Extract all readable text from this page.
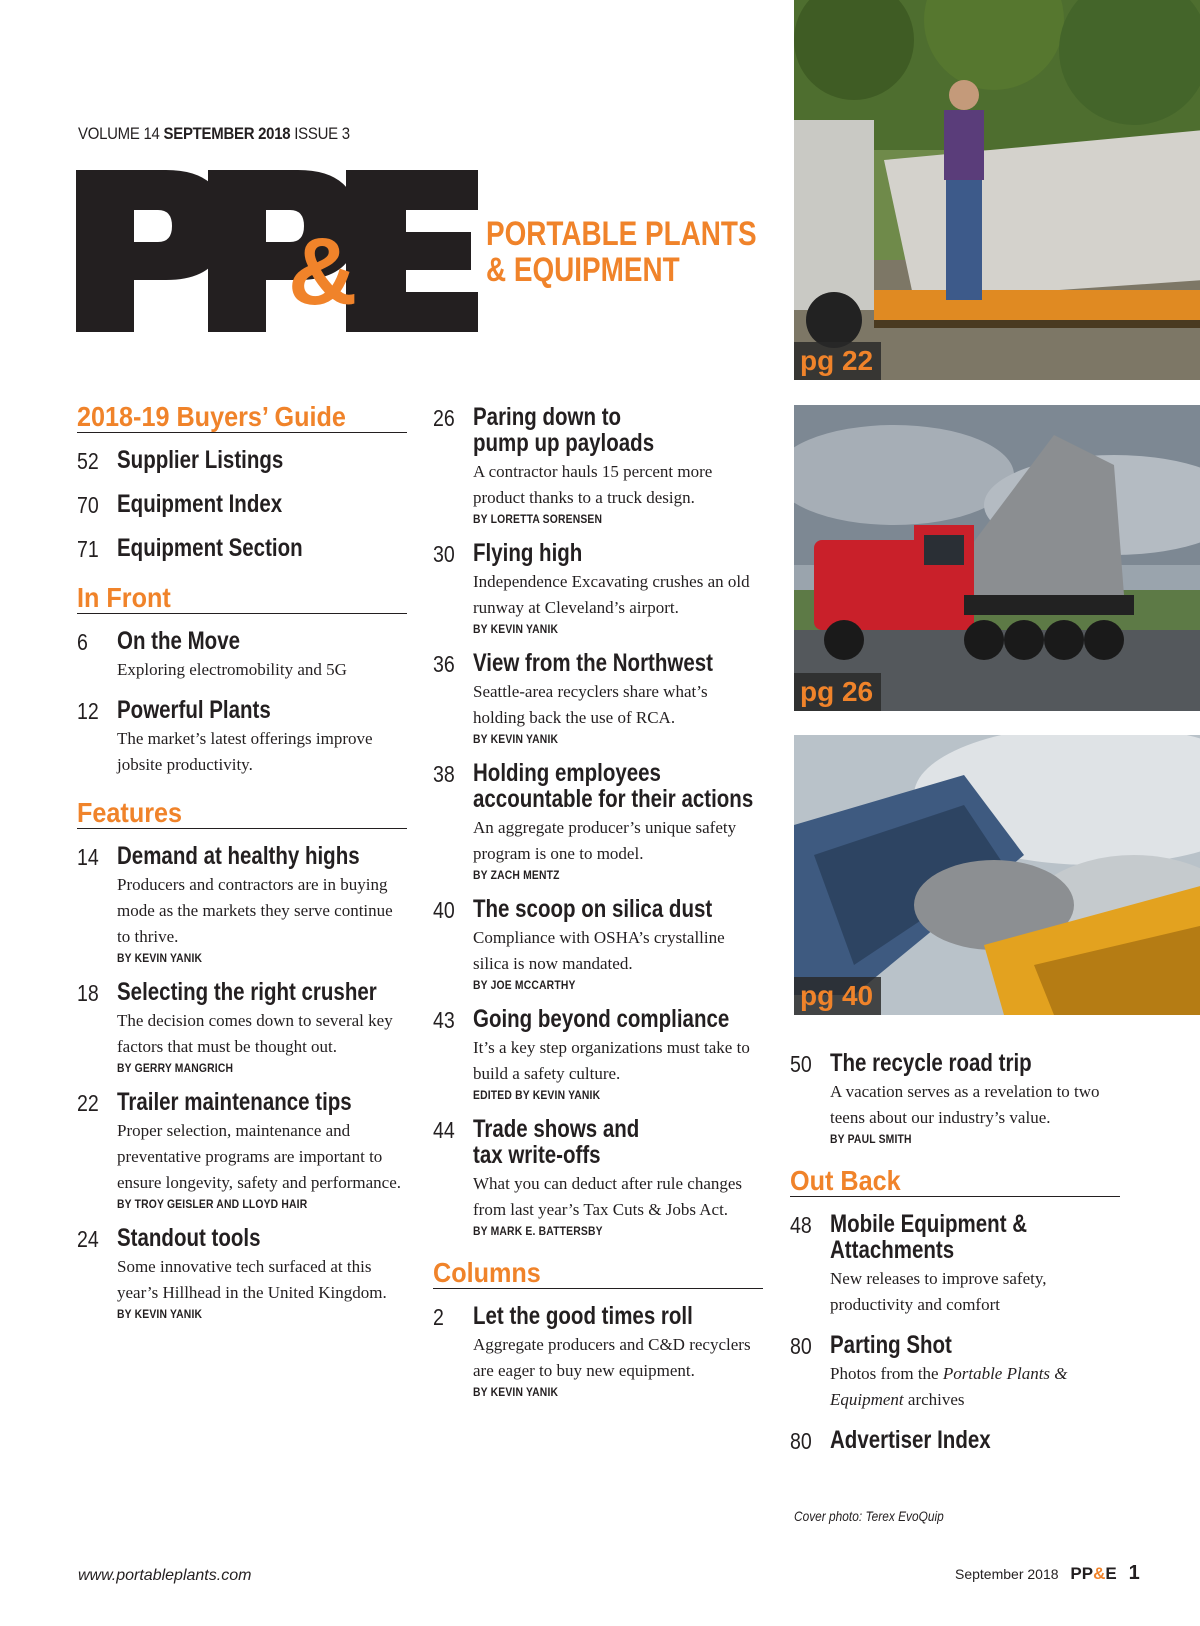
VOLUME 14 SEPTEMBER 2018 ISSUE 3
&	PORTABLE PLANTS
& EQUIPMENT
2018-19 Buyers’ Guide
52 Supplier Listings
70 Equipment Index
71 Equipment Section
In Front
6 On the Move
Exploring electromobility and 5G
12 Powerful Plants
The market’s latest offerings improve jobsite productivity.
Features
14 Demand at healthy highs
Producers and contractors are in buying mode as the markets they serve continue to thrive.
BY KEVIN YANIK
18 Selecting the right crusher
The decision comes down to several key factors that must be thought out.
BY GERRY MANGRICH
22 Trailer maintenance tips
Proper selection, maintenance and preventative programs are important to ensure longevity, safety and performance.
BY TROY GEISLER AND LLOYD HAIR
24 Standout tools
Some innovative tech surfaced at this year’s Hillhead in the United Kingdom.
BY KEVIN YANIK
26 Paring down to
pump up payloads
A contractor hauls 15 percent more product thanks to a truck design.
BY LORETTA SORENSEN
30 Flying high
Independence Excavating crushes an old runway at Cleveland’s airport.
BY KEVIN YANIK
36 View from the Northwest
Seattle-area recyclers share what’s holding back the use of RCA.
BY KEVIN YANIK
38 Holding employees
accountable for their actions
An aggregate producer’s unique safety program is one to model.
BY ZACH MENTZ
40 The scoop on silica dust
Compliance with OSHA’s crystalline silica is now mandated.
BY JOE MCCARTHY
43 Going beyond compliance
It’s a key step organizations must take to build a safety culture.
EDITED BY KEVIN YANIK
44 Trade shows and
tax write-offs
What you can deduct after rule changes from last year’s Tax Cuts & Jobs Act.
BY MARK E. BATTERSBY
Columns
2 Let the good times roll
Aggregate producers and C&D recyclers are eager to buy new equipment.
BY KEVIN YANIK
pg 22
pg 26
pg 40
50 The recycle road trip
A vacation serves as a revelation to two teens about our industry’s value.
BY PAUL SMITH
Out Back
48 Mobile Equipment &
Attachments
New releases to improve safety, productivity and comfort
80 Parting Shot
Photos from the Portable Plants & Equipment archives
80 Advertiser Index
Cover photo: Terex EvoQuip
www.portableplants.com	September 2018 PP&E 1
